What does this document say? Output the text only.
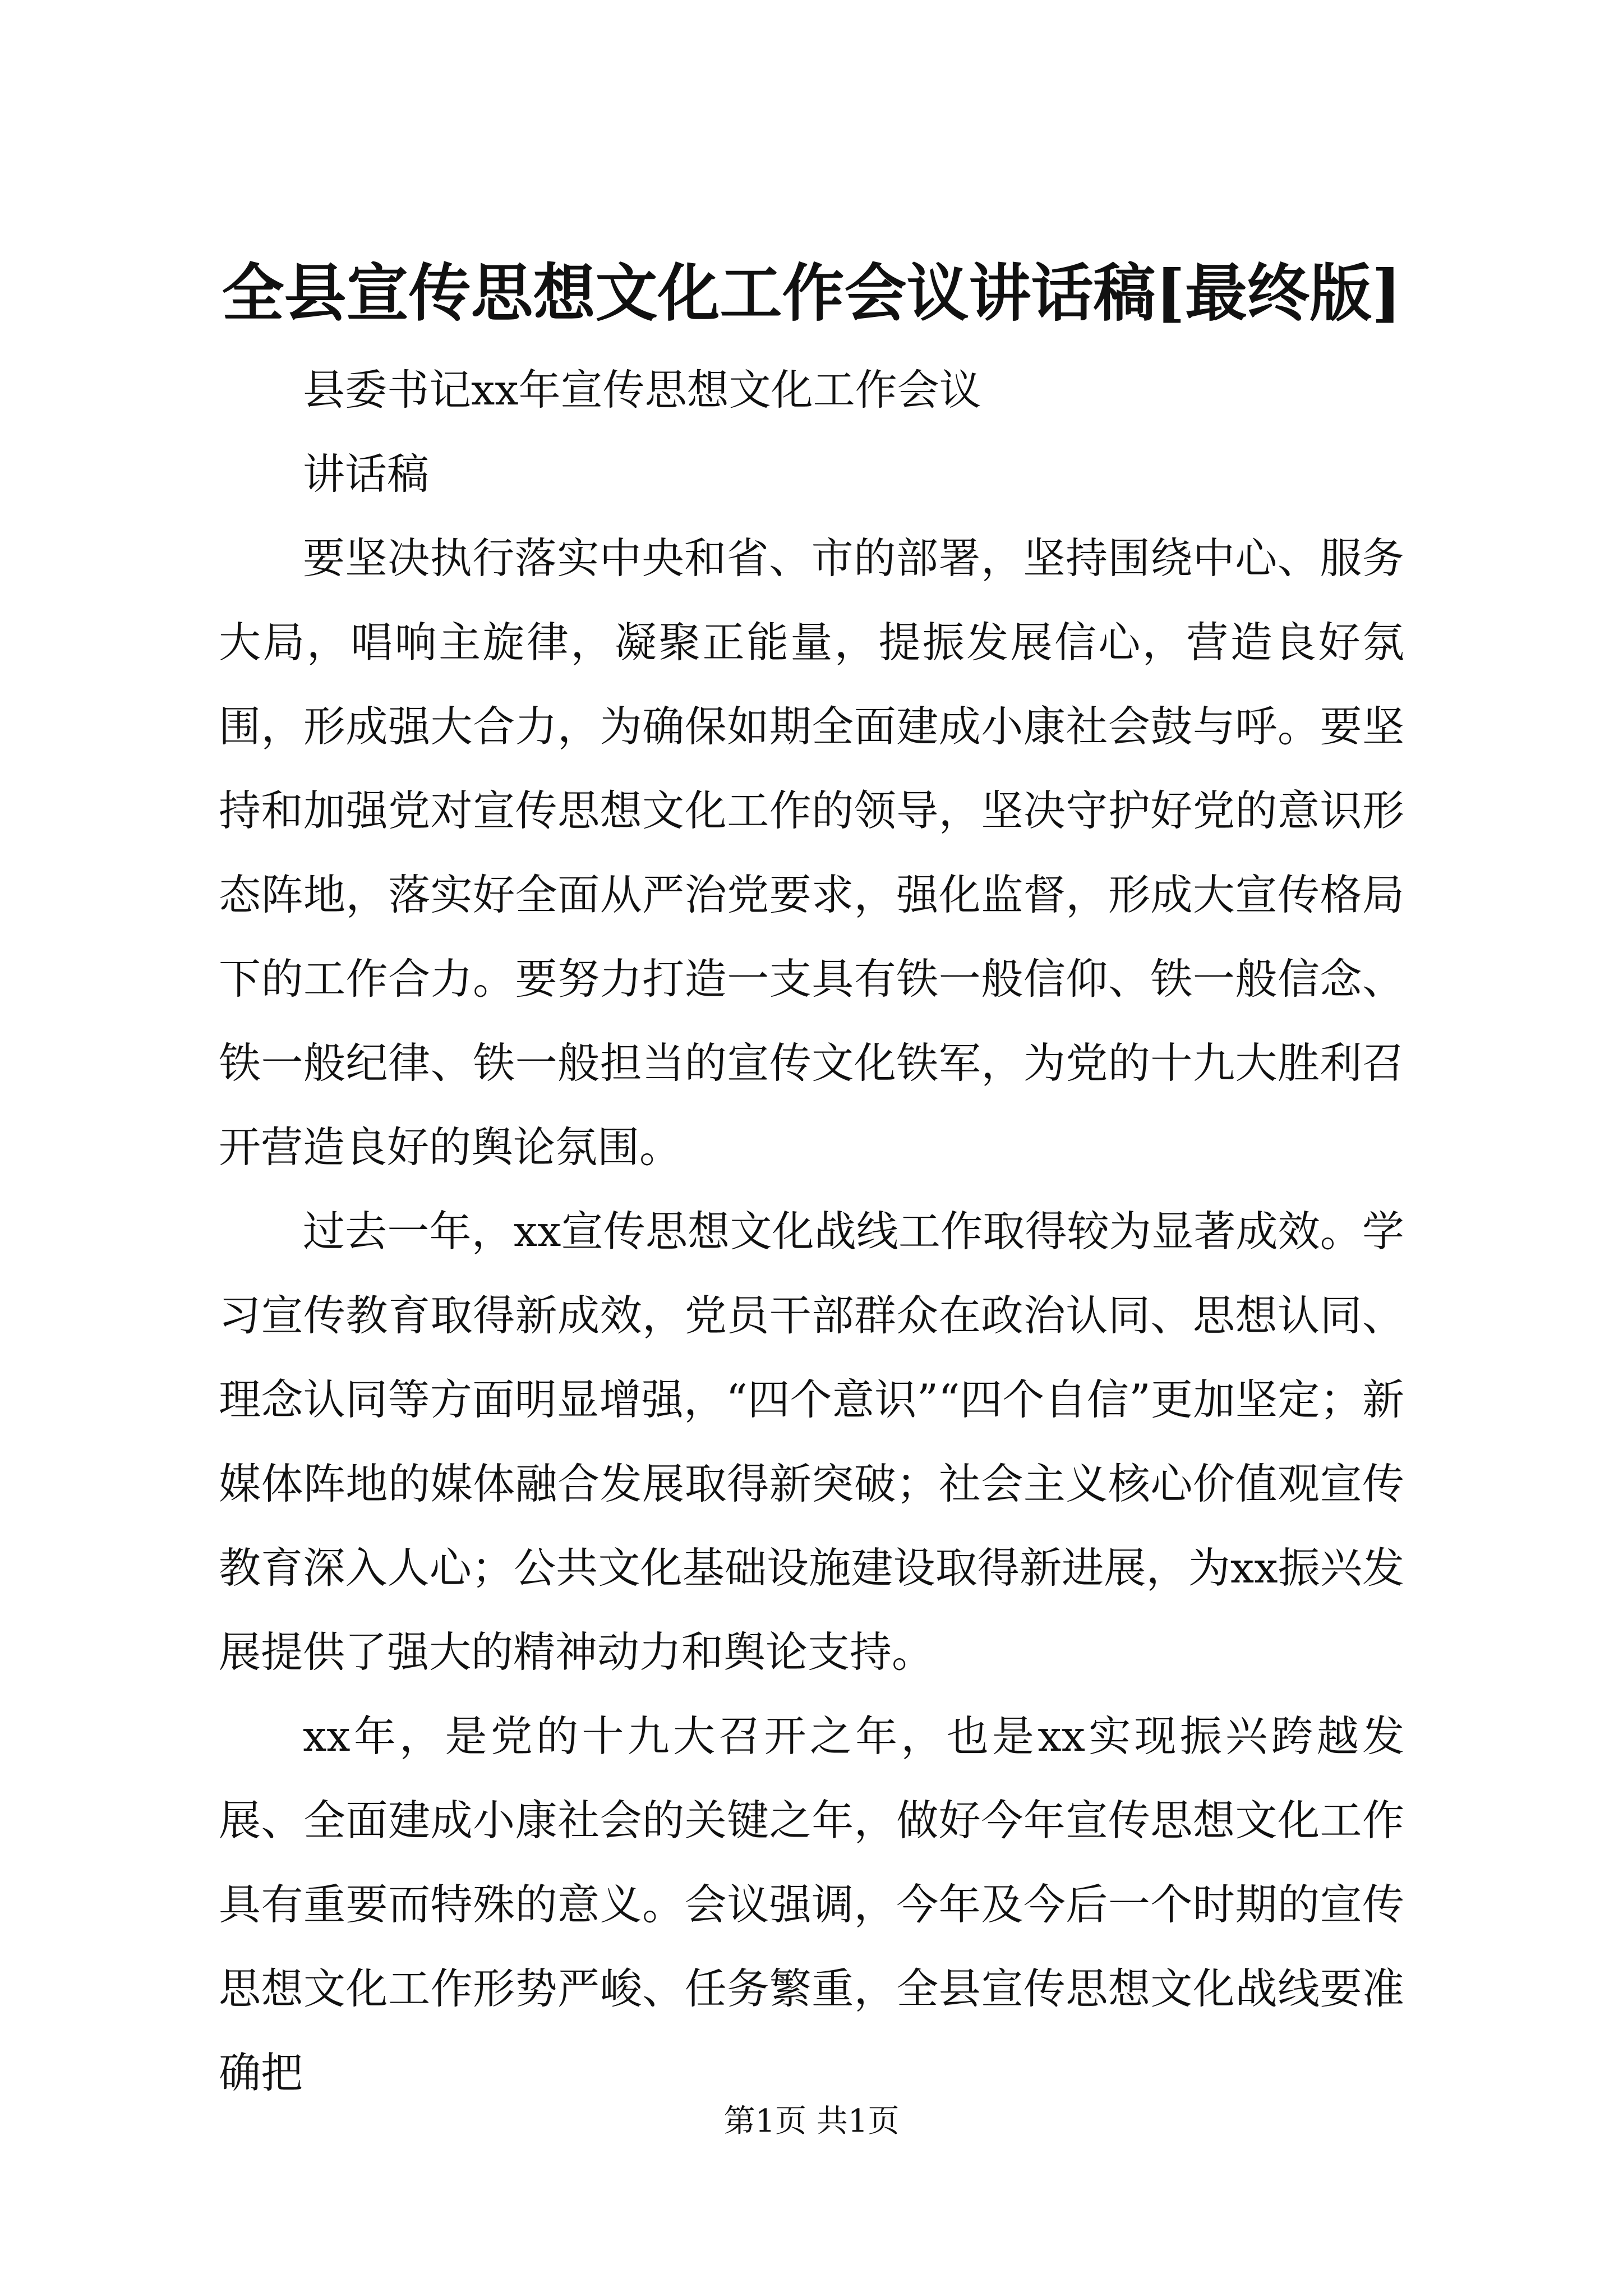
全县宣传思想文化工作会议讲话稿[最终版]

县委书记xx年宣传思想文化工作会议

讲话稿

要坚决执行落实中央和省、市的部署，坚持围绕中心、服务大局，唱响主旋律，凝聚正能量，提振发展信心，营造良好氛围，形成强大合力，为确保如期全面建成小康社会鼓与呼。要坚持和加强党对宣传思想文化工作的领导，坚决守护好党的意识形态阵地，落实好全面从严治党要求，强化监督，形成大宣传格局下的工作合力。要努力打造一支具有铁一般信仰、铁一般信念、铁一般纪律、铁一般担当的宣传文化铁军，为党的十九大胜利召开营造良好的舆论氛围。

过去一年，xx宣传思想文化战线工作取得较为显著成效。学习宣传教育取得新成效，党员干部群众在政治认同、思想认同、理念认同等方面明显增强，“四个意识”“四个自信”更加坚定；新媒体阵地的媒体融合发展取得新突破；社会主义核心价值观宣传教育深入人心；公共文化基础设施建设取得新进展，为xx振兴发展提供了强大的精神动力和舆论支持。

xx年，是党的十九大召开之年，也是xx实现振兴跨越发展、全面建成小康社会的关键之年，做好今年宣传思想文化工作具有重要而特殊的意义。会议强调，今年及今后一个时期的宣传思想文化工作形势严峻、任务繁重，全县宣传思想文化战线要准确把

第1页 共1页
